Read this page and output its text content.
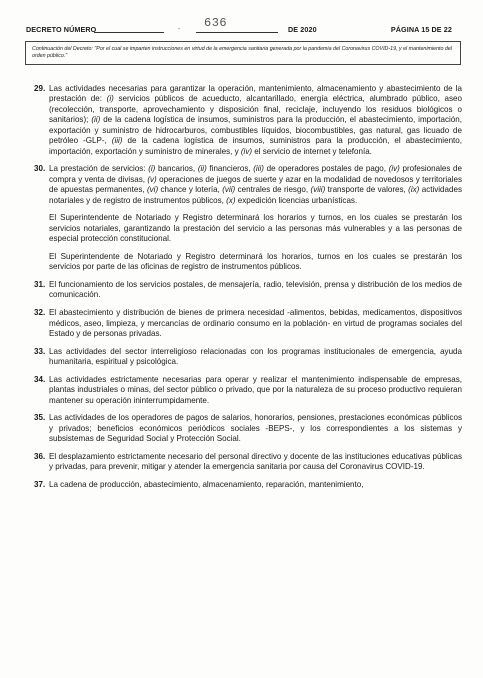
DECRETO NÚMERO	- 636	DE 2020	PÁGINA 15 DE 22
Continuación del Decreto: "Por el cual se imparten instrucciones en virtud de la emergencia sanitaria generada por la pandemia del Coronavirus COVID-19, y el mantenimiento del orden público."
29. Las actividades necesarias para garantizar la operación, mantenimiento, almacenamiento y abastecimiento de la prestación de: (i) servicios públicos de acueducto, alcantarillado, energía eléctrica, alumbrado público, aseo (recolección, transporte, aprovechamiento y disposición final, reciclaje, incluyendo los residuos biológicos o sanitarios); (ii) de la cadena logística de insumos, suministros para la producción, el abastecimiento, importación, exportación y suministro de hidrocarburos, combustibles líquidos, biocombustibles, gas natural, gas licuado de petróleo -GLP-, (iii) de la cadena logística de insumos, suministros para la producción, el abastecimiento, importación, exportación y suministro de minerales, y (iv) el servicio de internet y telefonía.
30. La prestación de servicios: (i) bancarios, (ii) financieros, (iii) de operadores postales de pago, (iv) profesionales de compra y venta de divisas, (v) operaciones de juegos de suerte y azar en la modalidad de novedosos y territoriales de apuestas permanentes, (vi) chance y lotería, (vii) centrales de riesgo, (viii) transporte de valores, (ix) actividades notariales y de registro de instrumentos públicos, (x) expedición licencias urbanísticas.
El Superintendente de Notariado y Registro determinará los horarios y turnos, en los cuales se prestarán los servicios notariales, garantizando la prestación del servicio a las personas más vulnerables y a las personas de especial protección constitucional.
El Superintendente de Notariado y Registro determinará los horarios, turnos en los cuales se prestarán los servicios por parte de las oficinas de registro de instrumentos públicos.
31. El funcionamiento de los servicios postales, de mensajería, radio, televisión, prensa y distribución de los medios de comunicación.
32. El abastecimiento y distribución de bienes de primera necesidad -alimentos, bebidas, medicamentos, dispositivos médicos, aseo, limpieza, y mercancías de ordinario consumo en la población- en virtud de programas sociales del Estado y de personas privadas.
33. Las actividades del sector interreligioso relacionadas con los programas institucionales de emergencia, ayuda humanitaria, espiritual y psicológica.
34. Las actividades estrictamente necesarias para operar y realizar el mantenimiento indispensable de empresas, plantas industriales o minas, del sector público o privado, que por la naturaleza de su proceso productivo requieran mantener su operación ininterrumpidamente.
35. Las actividades de los operadores de pagos de salarios, honorarios, pensiones, prestaciones económicas públicos y privados; beneficios económicos periódicos sociales -BEPS-, y los correspondientes a los sistemas y subsistemas de Seguridad Social y Protección Social.
36. El desplazamiento estrictamente necesario del personal directivo y docente de las instituciones educativas públicas y privadas, para prevenir, mitigar y atender la emergencia sanitaria por causa del Coronavirus COVID-19.
37. La cadena de producción, abastecimiento, almacenamiento, reparación, mantenimiento,
